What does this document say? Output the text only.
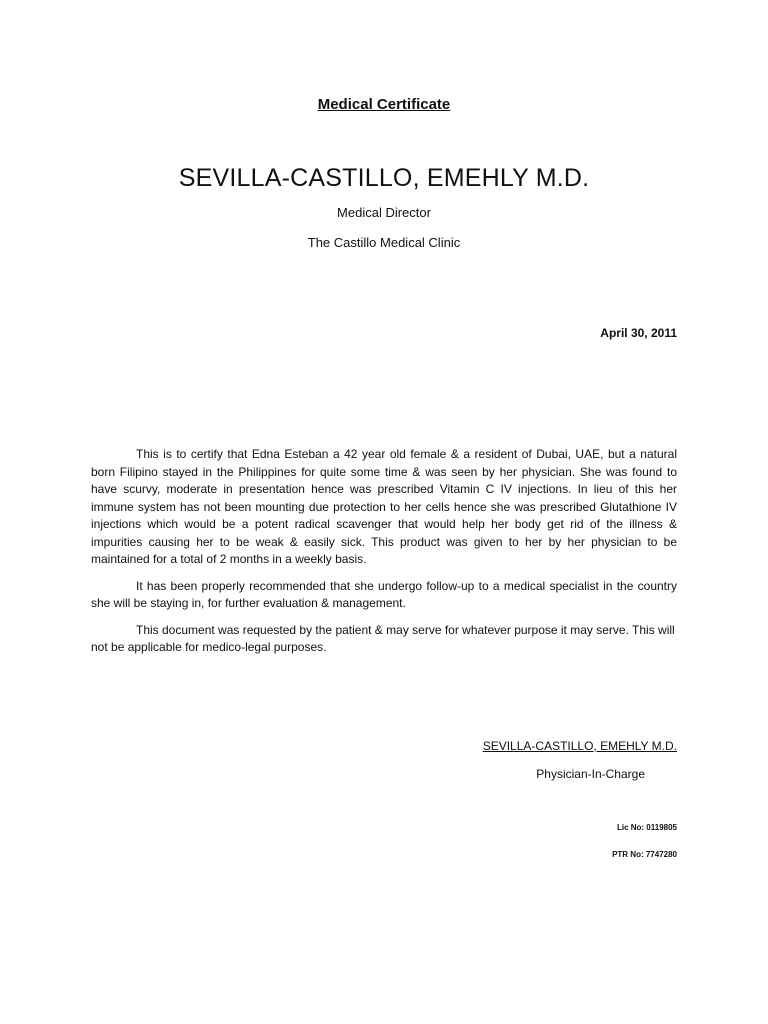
Medical Certificate
SEVILLA-CASTILLO, EMEHLY M.D.
Medical Director
The Castillo Medical Clinic
April 30, 2011

This is to certify that Edna Esteban a 42 year old female & a resident of Dubai, UAE, but a natural born Filipino stayed in the Philippines for quite some time & was seen by her physician. She was found to have scurvy, moderate in presentation hence was prescribed Vitamin C IV injections. In lieu of this her immune system has not been mounting due protection to her cells hence she was prescribed Glutathione IV injections which would be a potent radical scavenger that would help her body get rid of the illness & impurities causing her to be weak & easily sick. This product was given to her by her physician to be maintained for a total of 2 months in a weekly basis.

It has been properly recommended that she undergo follow-up to a medical specialist in the country she will be staying in, for further evaluation & management.

This document was requested by the patient & may serve for whatever purpose it may serve. This will not be applicable for medico-legal purposes.

SEVILLA-CASTILLO, EMEHLY M.D.
Physician-In-Charge
Lic No: 0119805
PTR No: 7747280
